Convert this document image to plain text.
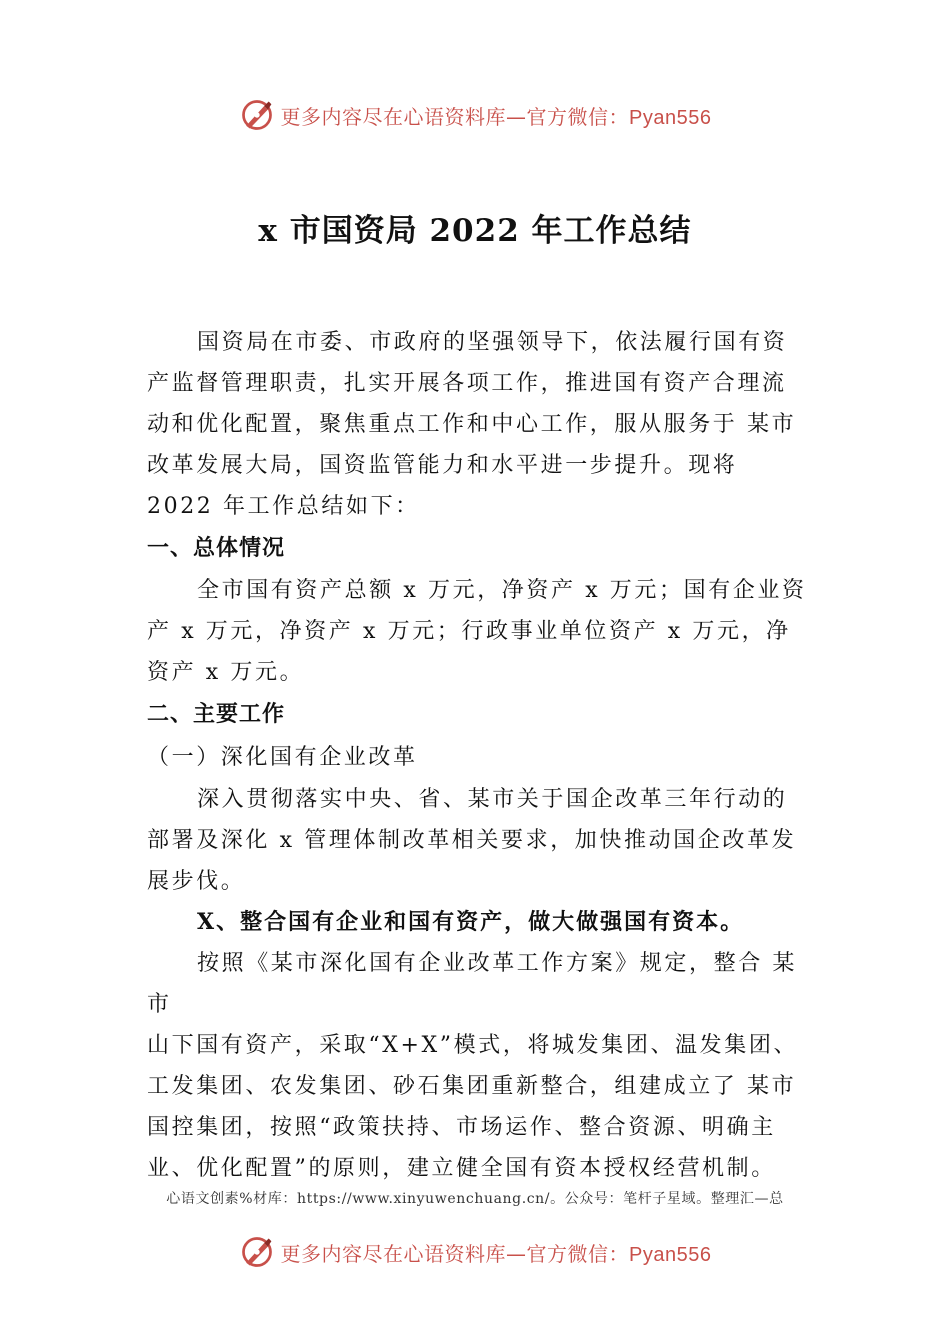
更多内容尽在心语资料库—官方微信：Pyan556
x 市国资局 2022 年工作总结

国资局在市委、市政府的坚强领导下，依法履行国有资产监督管理职责，扎实开展各项工作，推进国有资产合理流动和优化配置，聚焦重点工作和中心工作，服从服务于 某市改革发展大局，国资监管能力和水平进一步提升。现将 2022 年工作总结如下：

一、总体情况

全市国有资产总额 x 万元，净资产 x 万元；国有企业资产 x 万元，净资产 x 万元；行政事业单位资产 x 万元，净资产 x 万元。

二、主要工作

（一）深化国有企业改革

深入贯彻落实中央、省、某市关于国企改革三年行动的部署及深化 x 管理体制改革相关要求，加快推动国企改革发展步伐。

X、整合国有企业和国有资产，做大做强国有资本。

按照《某市深化国有企业改革工作方案》规定，整合 某市

山下国有资产，采取“X+X”模式，将城发集团、温发集团、工发集团、农发集团、砂石集团重新整合，组建成立了 某市国控集团，按照“政策扶持、市场运作、整合资源、明确主业、优化配置”的原则，建立健全国有资本授权经营机制。

心语文创素%材库：https://www.xinyuwenchuang.cn/。公众号：笔杆子星域。整理汇—总
更多内容尽在心语资料库—官方微信：Pyan556
